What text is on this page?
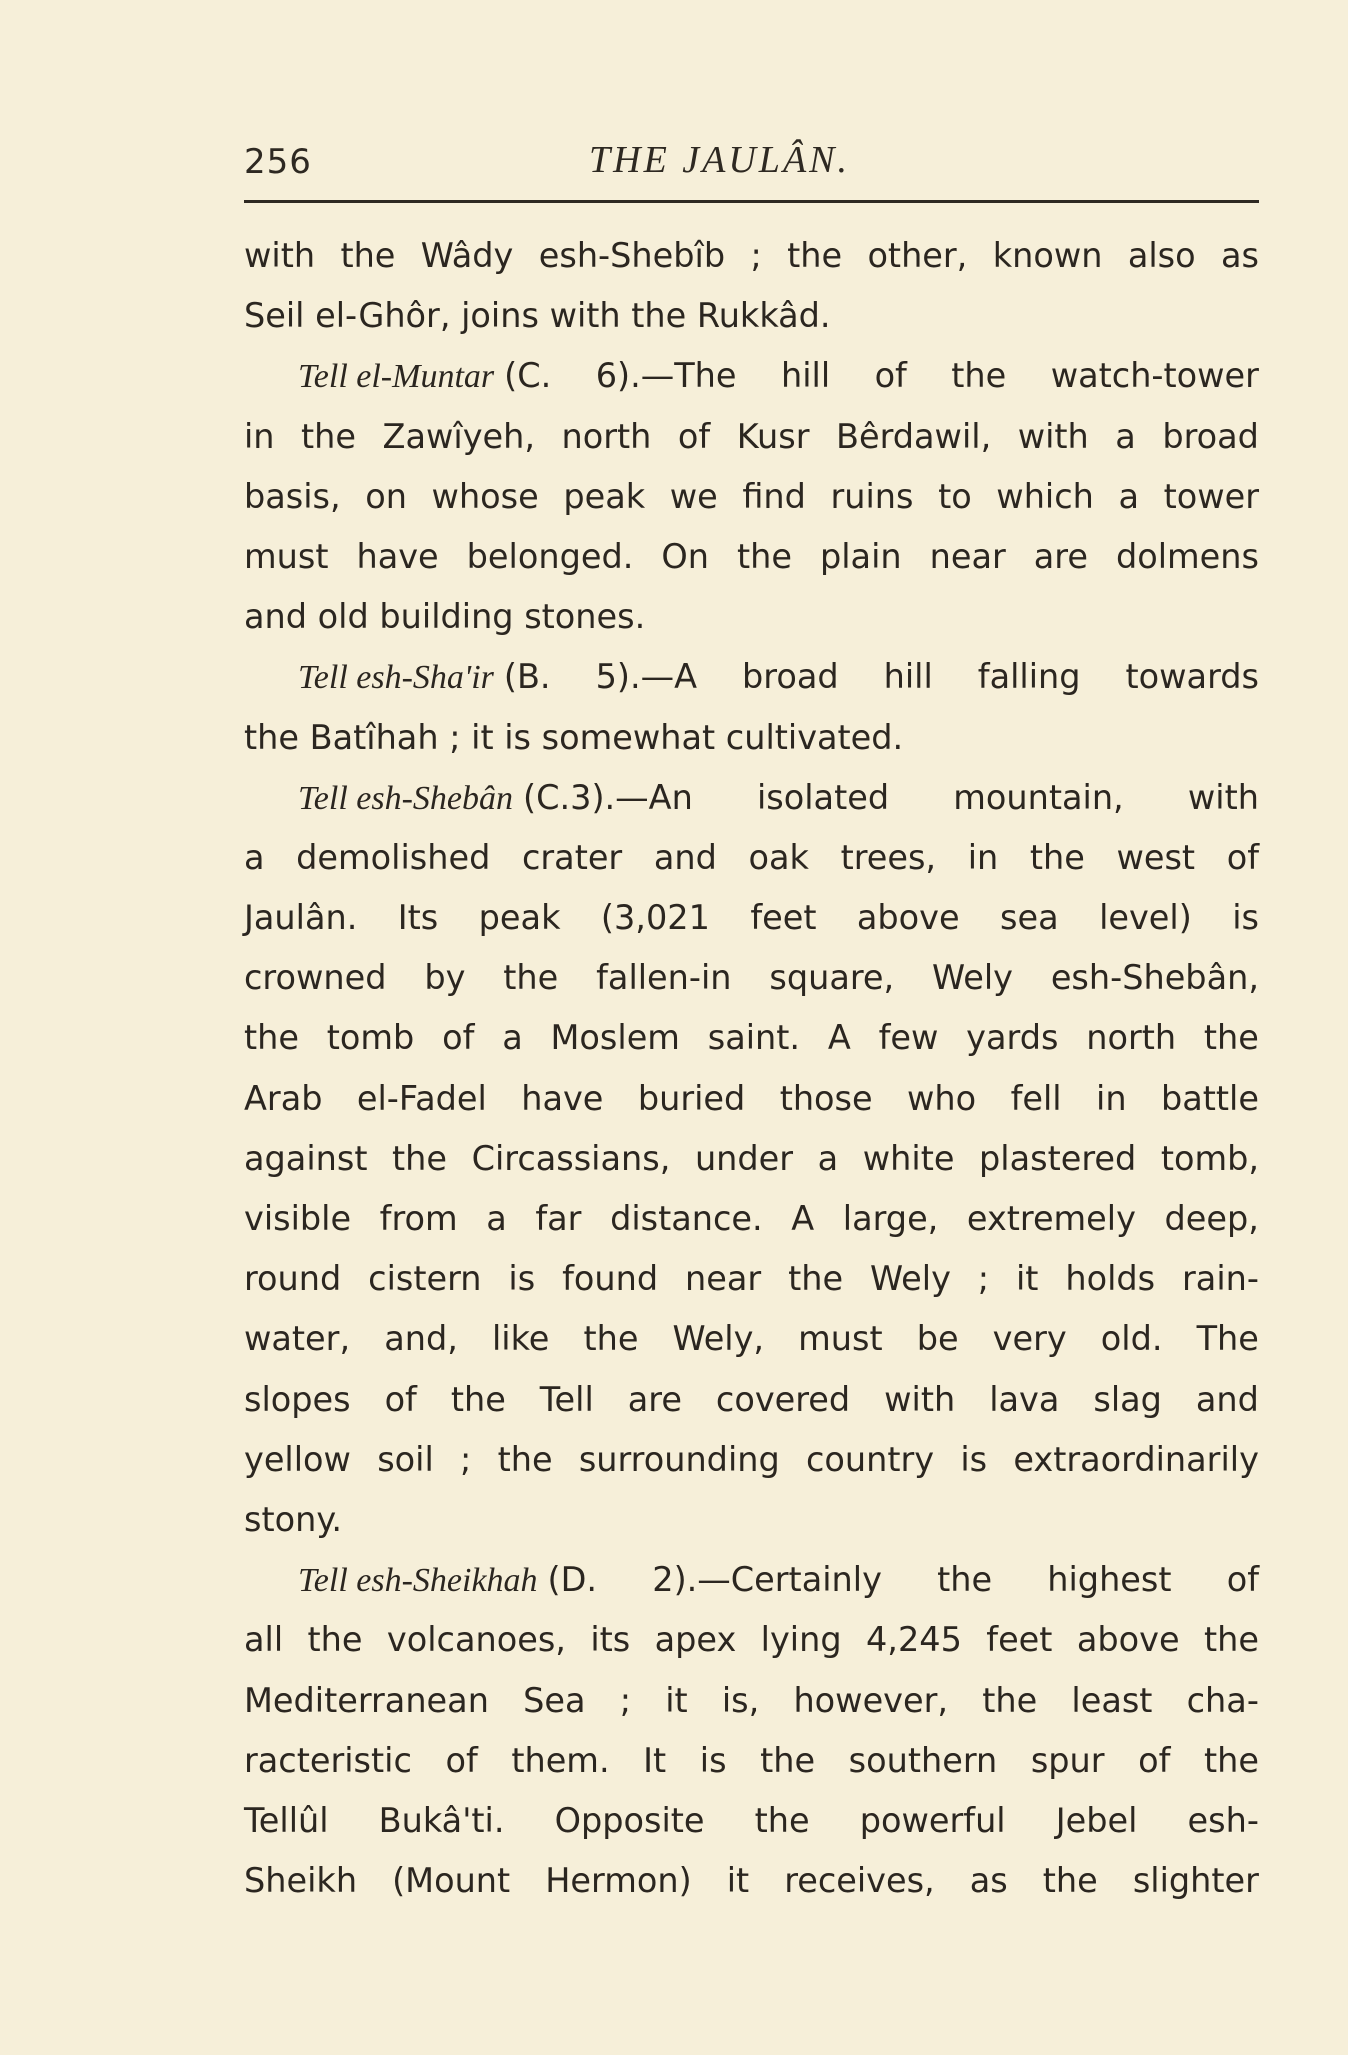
256	THE JAULÂN.
with the Wâdy esh-Shebîb ; the other, known also as
Seil el-Ghôr, joins with the Rukkâd.
Tell el-Muntar (C. 6).—The hill of the watch-tower
in the Zawîyeh, north of Kusr Bêrdawil, with a broad
basis, on whose peak we find ruins to which a tower
must have belonged. On the plain near are dolmens
and old building stones.
Tell esh-Sha'ir (B. 5).—A broad hill falling towards
the Batîhah ; it is somewhat cultivated.
Tell esh-Shebân (C.3).—An isolated mountain, with
a demolished crater and oak trees, in the west of
Jaulân. Its peak (3,021 feet above sea level) is
crowned by the fallen-in square, Wely esh-Shebân,
the tomb of a Moslem saint. A few yards north the
Arab el-Fadel have buried those who fell in battle
against the Circassians, under a white plastered tomb,
visible from a far distance. A large, extremely deep,
round cistern is found near the Wely ; it holds rain-
water, and, like the Wely, must be very old. The
slopes of the Tell are covered with lava slag and
yellow soil ; the surrounding country is extraordinarily
stony.
Tell esh-Sheikhah (D. 2).—Certainly the highest of
all the volcanoes, its apex lying 4,245 feet above the
Mediterranean Sea ; it is, however, the least cha-
racteristic of them. It is the southern spur of the
Tellûl Bukâ'ti. Opposite the powerful Jebel esh-
Sheikh (Mount Hermon) it receives, as the slighter
